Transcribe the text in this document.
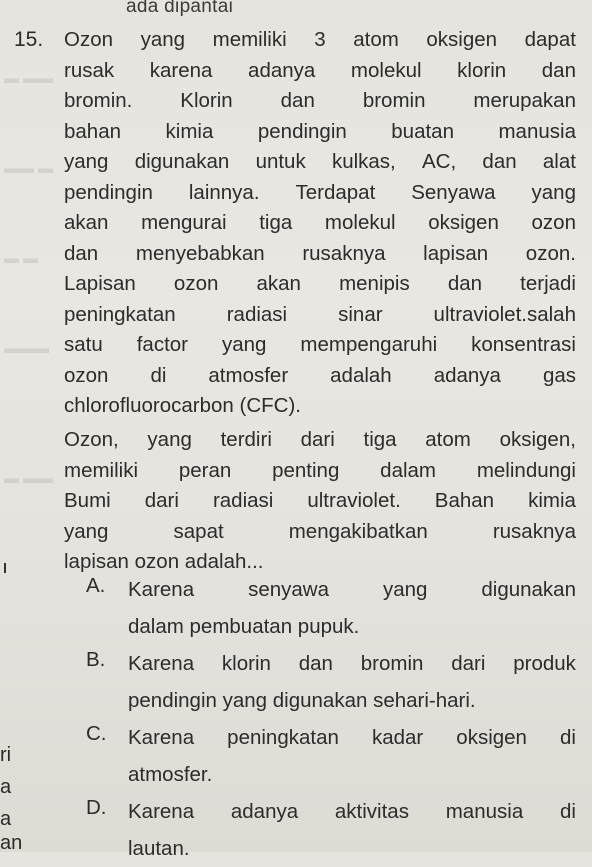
▬ ▬▬
▬▬ ▬
▬ ▬
▬▬▬
▬ ▬▬
ada dipantai
15. Ozon yang memiliki 3 atom oksigen dapat
rusak karena adanya molekul klorin dan
bromin. Klorin dan bromin merupakan
bahan kimia pendingin buatan manusia
yang digunakan untuk kulkas, AC, dan alat
pendingin lainnya. Terdapat Senyawa yang
akan mengurai tiga molekul oksigen ozon
dan menyebabkan rusaknya lapisan ozon.
Lapisan ozon akan menipis dan terjadi
peningkatan radiasi sinar ultraviolet.salah
satu factor yang mempengaruhi konsentrasi
ozon di atmosfer adalah adanya gas
chlorofluorocarbon (CFC).
Ozon, yang terdiri dari tiga atom oksigen,
memiliki peran penting dalam melindungi
Bumi dari radiasi ultraviolet. Bahan kimia
yang	sapat	mengakibatkan	rusaknya
lapisan ozon adalah...
A. Karena	senyawa	yang	digunakan
dalam pembuatan pupuk.
B. Karena klorin dan bromin dari produk
pendingin yang digunakan sehari-hari.
C. Karena peningkatan kadar oksigen di
atmosfer.
D. Karena adanya aktivitas manusia di
lautan.
ri
a
a
an
